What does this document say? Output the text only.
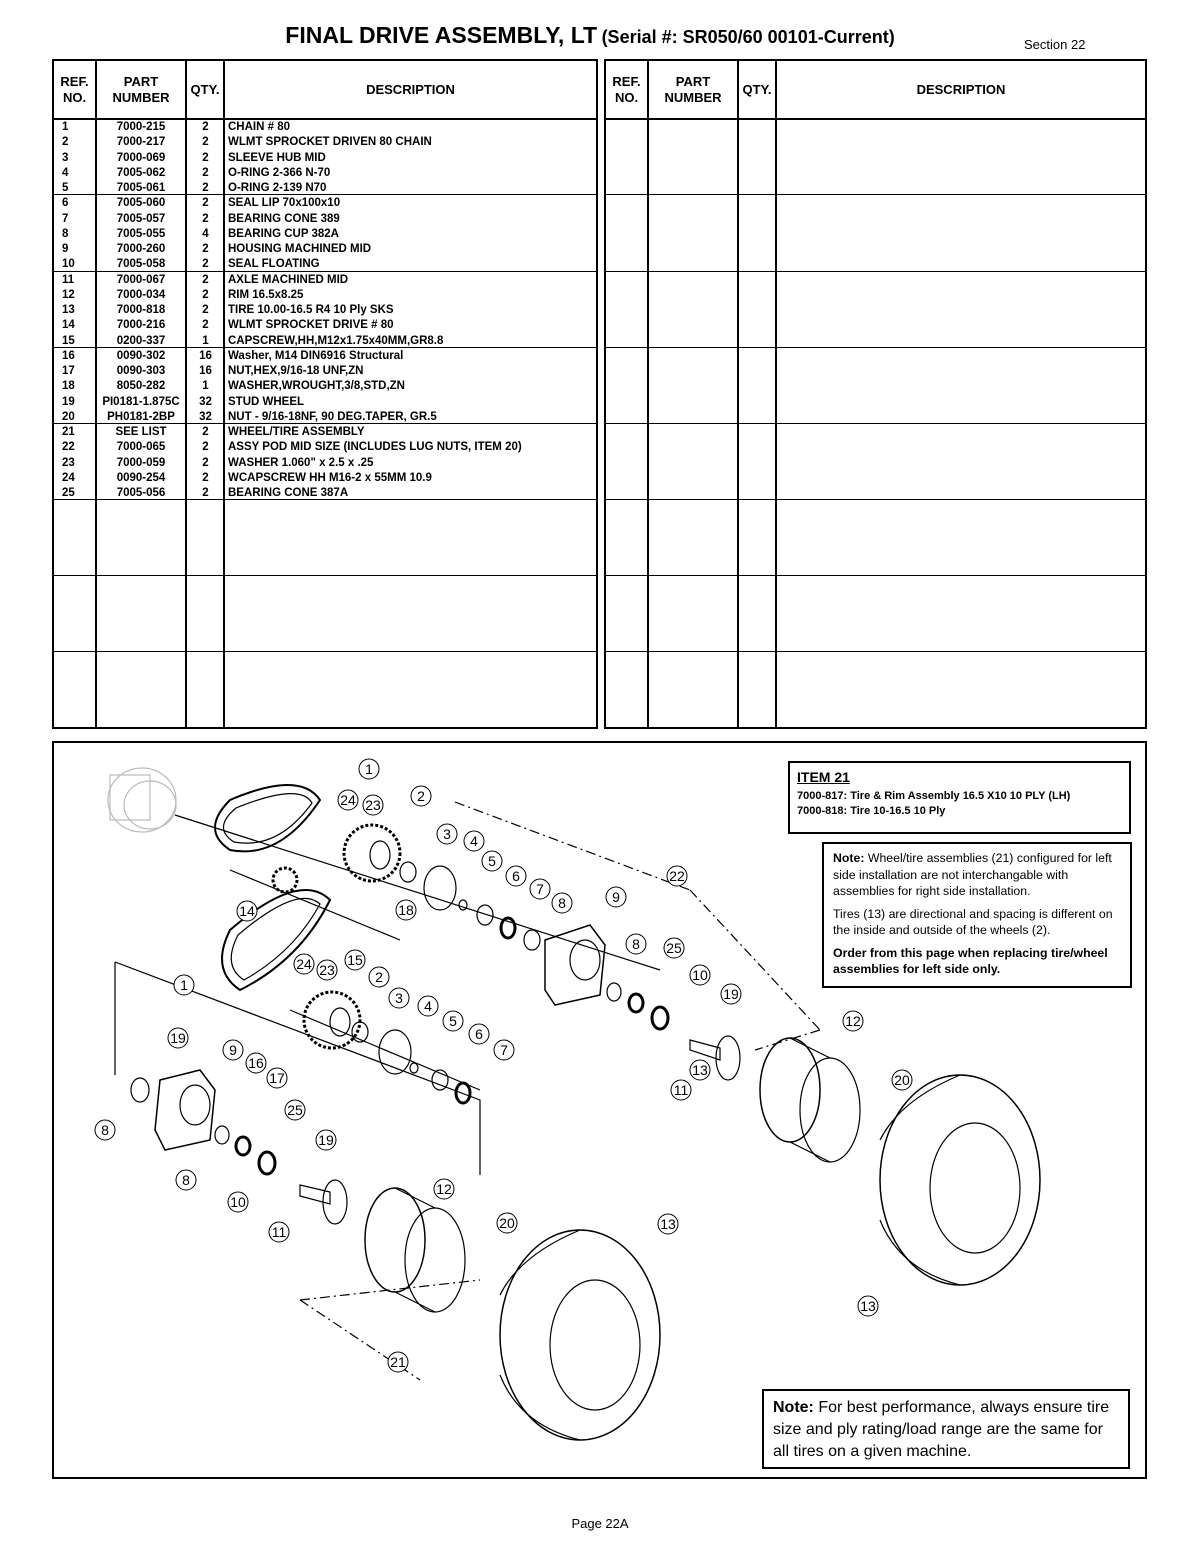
FINAL DRIVE ASSEMBLY, LT (Serial #: SR050/60 00101-Current)	Section 22
REF. NO.
PART NUMBER
QTY.	DESCRIPTION
1	7000-215	2	CHAIN # 80
2	7000-217	2	WLMT SPROCKET DRIVEN 80 CHAIN
3	7000-069	2	SLEEVE HUB MID
4	7005-062	2	O-RING 2-366 N-70
5	7005-061	2	O-RING 2-139 N70
6	7005-060	2	SEAL LIP 70x100x10
7	7005-057	2	BEARING CONE 389
8	7005-055	4	BEARING CUP 382A
9	7000-260	2	HOUSING MACHINED MID
10	7005-058	2	SEAL FLOATING
11	7000-067	2	AXLE MACHINED MID
12	7000-034	2	RIM 16.5x8.25
13	7000-818	2	TIRE 10.00-16.5 R4 10 Ply SKS
14	7000-216	2	WLMT SPROCKET DRIVE # 80
15	0200-337	1	CAPSCREW,HH,M12x1.75x40MM,GR8.8
16	0090-302	16	Washer, M14 DIN6916 Structural
17	0090-303	16	NUT,HEX,9/16-18 UNF,ZN
18	8050-282	1	WASHER,WROUGHT,3/8,STD,ZN
19	PI0181-1.875C	32	STUD WHEEL
20	PH0181-2BP	32	NUT - 9/16-18NF, 90 DEG.TAPER, GR.5
21	SEE LIST	2	WHEEL/TIRE ASSEMBLY
22	7000-065	2	ASSY POD MID SIZE (INCLUDES LUG NUTS, ITEM 20)
23	7000-059	2	WASHER 1.060" x 2.5 x .25
24	0090-254	2	WCAPSCREW HH M16-2 x 55MM 10.9
25	7005-056	2	BEARING CONE 387A
REF. NO.
PART NUMBER
QTY.	DESCRIPTION
1
24 23
2
3 4
5
6
7
8	9
22
14	18
15
24 23	2
1
3 4
5
6
7
8 25
10
19
12
11
20
13
19
9
16
17
8
25
8
19
10
12
11
20	13
21
13
ITEM 21
7000-817: Tire & Rim Assembly 16.5 X10 10 PLY (LH)
7000-818: Tire 10-16.5 10 Ply

Note: Wheel/tire assemblies (21) configured for left side installation are not interchangable with assemblies for right side installation.

Tires (13) are directional and spacing is different on the inside and outside of the wheels (2).

Order from this page when replacing tire/wheel assemblies for left side only.

Note: For best performance, always ensure tire size and ply rating/load range are the same for all tires on a given machine.
Page 22A
